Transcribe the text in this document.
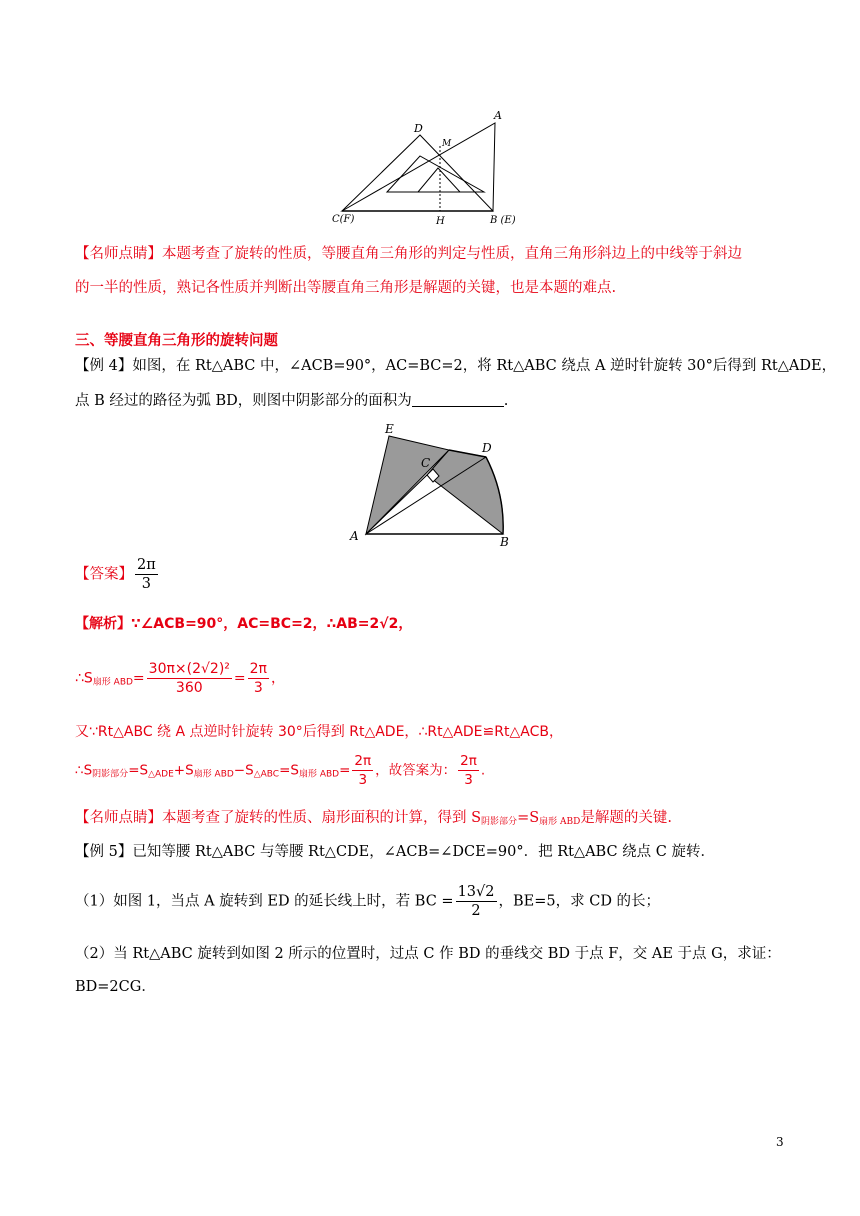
D
M
A
C(F)	H	B (E)
【名师点睛】本题考查了旋转的性质，等腰直角三角形的判定与性质，直角三角形斜边上的中线等于斜边
的一半的性质，熟记各性质并判断出等腰直角三角形是解题的关键，也是本题的难点.
三、等腰直角三角形的旋转问题
【例 4】如图，在 Rt△ABC 中，∠ACB=90°，AC=BC=2，将 Rt△ABC 绕点 A 逆时针旋转 30°后得到 Rt△ADE，
点 B 经过的路径为弧 BD，则图中阴影部分的面积为	.
E
C
D
A	B
【答案】 $\frac{2\pi}{3}$
【解析】∵∠ACB=90°，AC=BC=2，∴AB=2√2，
$\therefore S_{扇形 ABD}= \frac{\text{30π×(2√2)²}}{360} = \frac{2\pi}{3}$ ，
又∵Rt△ABC 绕 A 点逆时针旋转 30°后得到 Rt△ADE，∴Rt△ADE≌Rt△ACB，
$\therefore S_{阴影部分}=S_{\triangle ADE}+S_{扇形 ABD}-S_{\triangle ABC}=S_{扇形 ABD}= \frac{2\pi}{3}$ ，故答案为： $\frac{2\pi}{3}$ .
【名师点睛】本题考查了旋转的性质、扇形面积的计算，得到 $S_{阴影部分}=S_{扇形 ABD}$是解题的关键.
【例 5】已知等腰 Rt△ABC 与等腰 Rt△CDE，∠ACB=∠DCE=90°．把 Rt△ABC 绕点 C 旋转．
（1）如图 1，当点 A 旋转到 ED 的延长线上时，若 BC = $\frac{13√2}{2}$ ，BE=5，求 CD 的长；
（2）当 Rt△ABC 旋转到如图 2 所示的位置时，过点 C 作 BD 的垂线交 BD 于点 F，交 AE 于点 G，求证：
BD=2CG．
3
